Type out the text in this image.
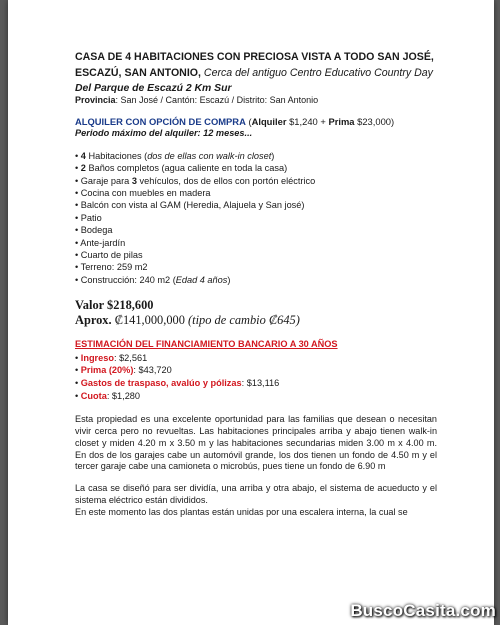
CASA DE 4 HABITACIONES CON PRECIOSA VISTA A TODO SAN JOSÉ, ESCAZÚ, SAN ANTONIO, Cerca del antiguo Centro Educativo Country Day

Del Parque de Escazú 2 Km Sur

Provincia: San José / Cantón: Escazú / Distrito: San Antonio

ALQUILER CON OPCIÓN DE COMPRA (Alquiler $1,240 + Prima $23,000)

Periodo máximo del alquiler: 12 meses...

• 4 Habitaciones (dos de ellas con walk-in closet)
• 2 Baños completos (agua caliente en toda la casa)
• Garaje para 3 vehículos, dos de ellos con portón eléctrico
• Cocina con muebles en madera
• Balcón con vista al GAM (Heredia, Alajuela y San josé)
• Patio
• Bodega
• Ante-jardín
• Cuarto de pilas
• Terreno: 259 m2
• Construcción: 240 m2 (Edad 4 años)

Valor $218,600

Aprox. ₡141,000,000 (tipo de cambio ₡645)

ESTIMACIÓN DEL FINANCIAMIENTO BANCARIO A 30 AÑOS

• Ingreso: $2,561
• Prima (20%): $43,720
• Gastos de traspaso, avalúo y pólizas: $13,116
• Cuota: $1,280

Esta propiedad es una excelente oportunidad para las familias que desean o necesitan vivir cerca pero no revueltas. Las habitaciones principales arriba y abajo tienen walk-in closet y miden 4.20 m x 3.50 m y las habitaciones secundarias miden 3.00 m x 4.00 m. En dos de los garajes cabe un automóvil grande, los dos tienen un fondo de 4.50 m y el tercer garaje cabe una camioneta o microbús, pues tiene un fondo de 6.90 m

La casa se diseñó para ser dividía, una arriba y otra abajo, el sistema de acueducto y el sistema eléctrico están divididos.

En este momento las dos plantas están unidas por una escalera interna, la cual se

BuscoCasita.com
